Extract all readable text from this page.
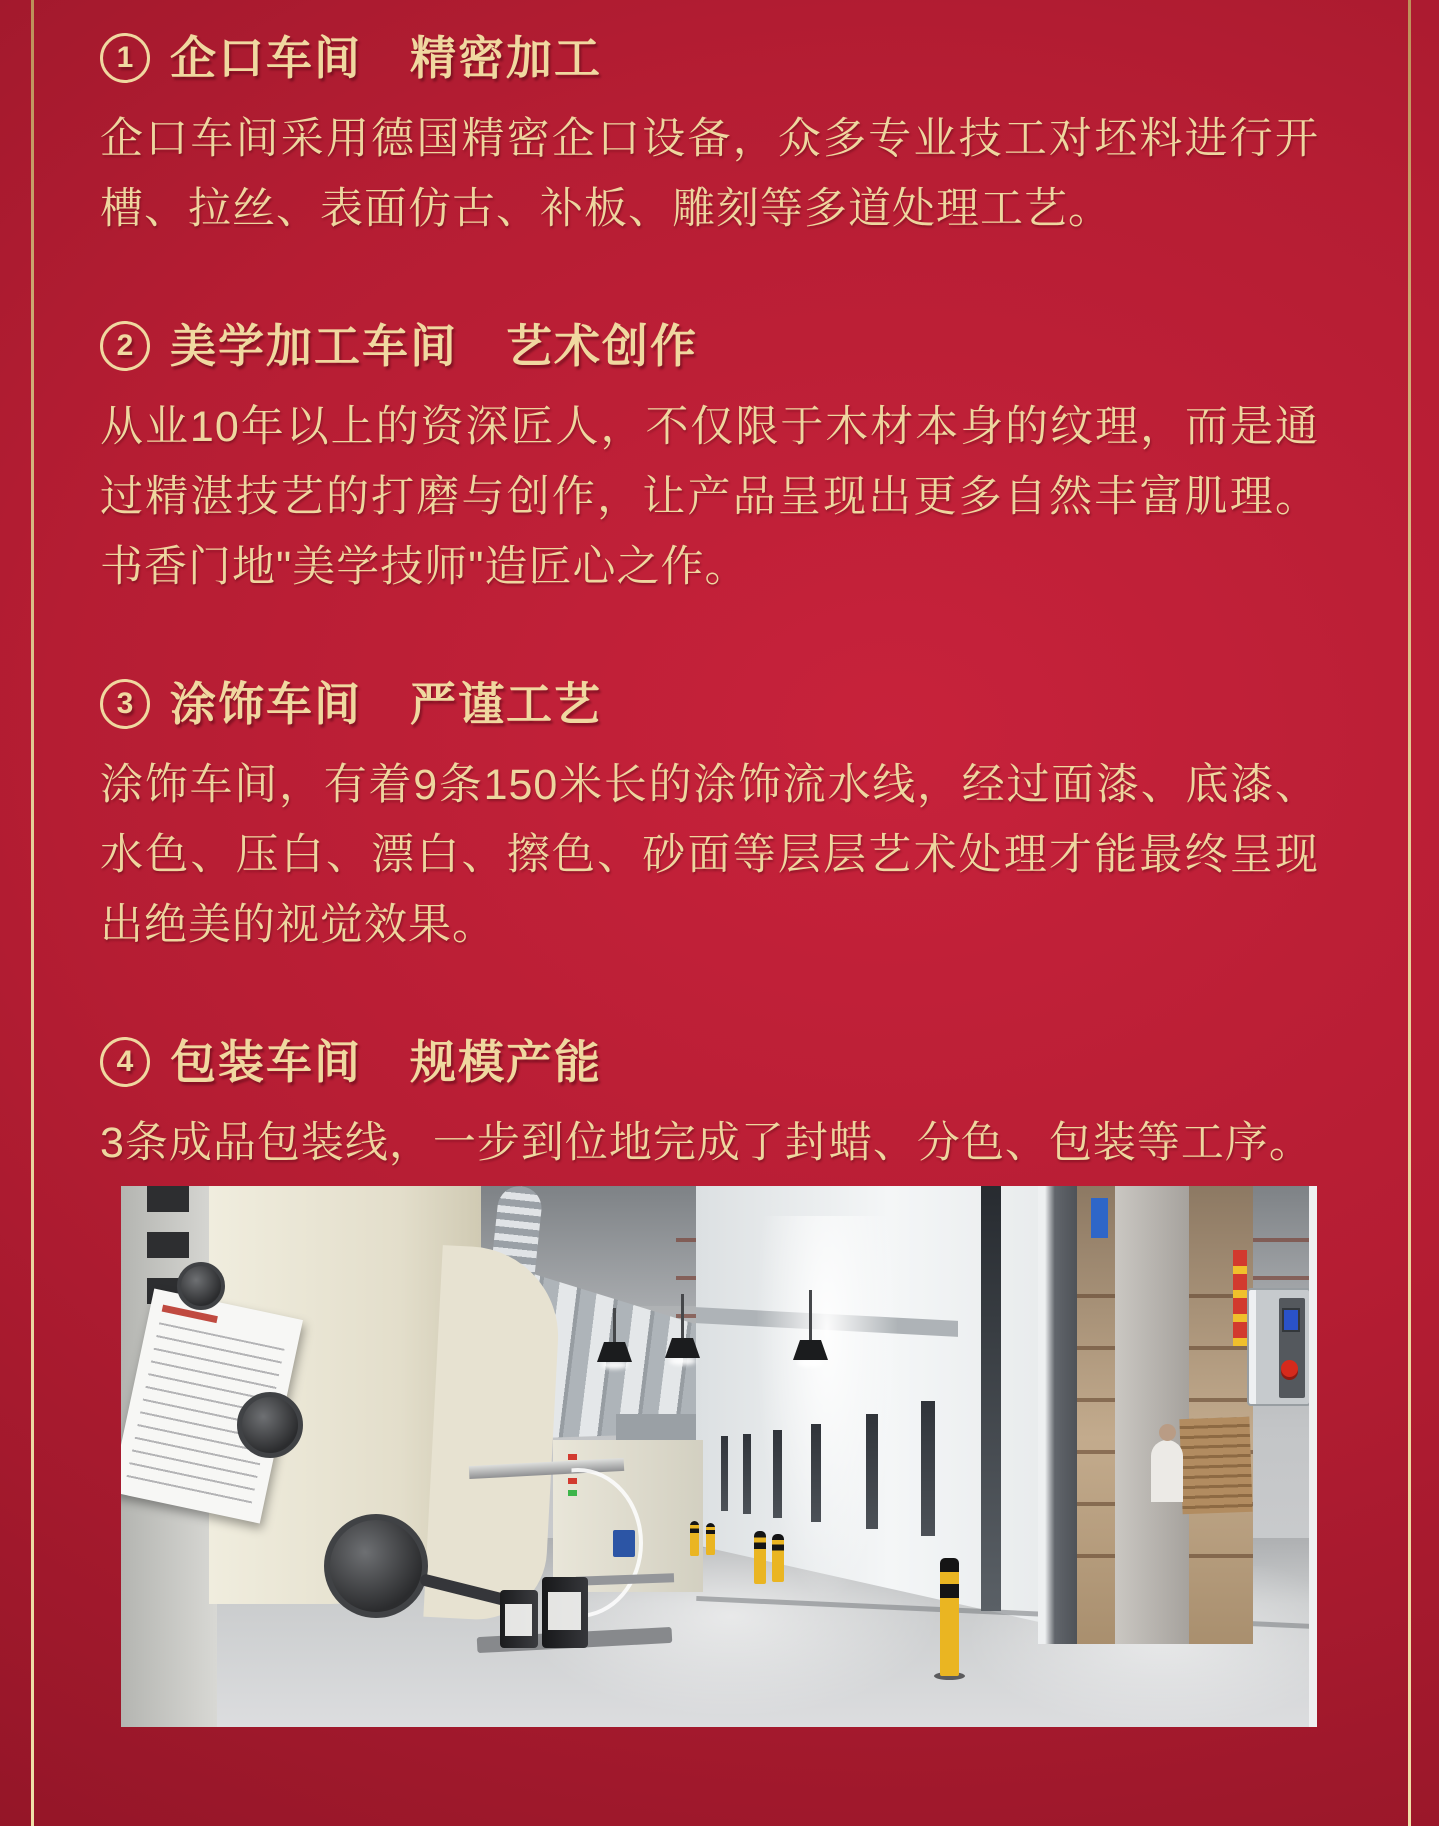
1 企口车间　精密加工

企口车间采用德国精密企口设备，众多专业技工对坯料进行开槽、拉丝、表面仿古、补板、雕刻等多道处理工艺。

2 美学加工车间　艺术创作

从业10年以上的资深匠人，不仅限于木材本身的纹理，而是通过精湛技艺的打磨与创作，让产品呈现出更多自然丰富肌理。书香门地"美学技师"造匠心之作。

3 涂饰车间　严谨工艺

涂饰车间，有着9条150米长的涂饰流水线，经过面漆、底漆、水色、压白、漂白、擦色、砂面等层层艺术处理才能最终呈现出绝美的视觉效果。

4 包装车间　规模产能

3条成品包装线，一步到位地完成了封蜡、分色、包装等工序。
